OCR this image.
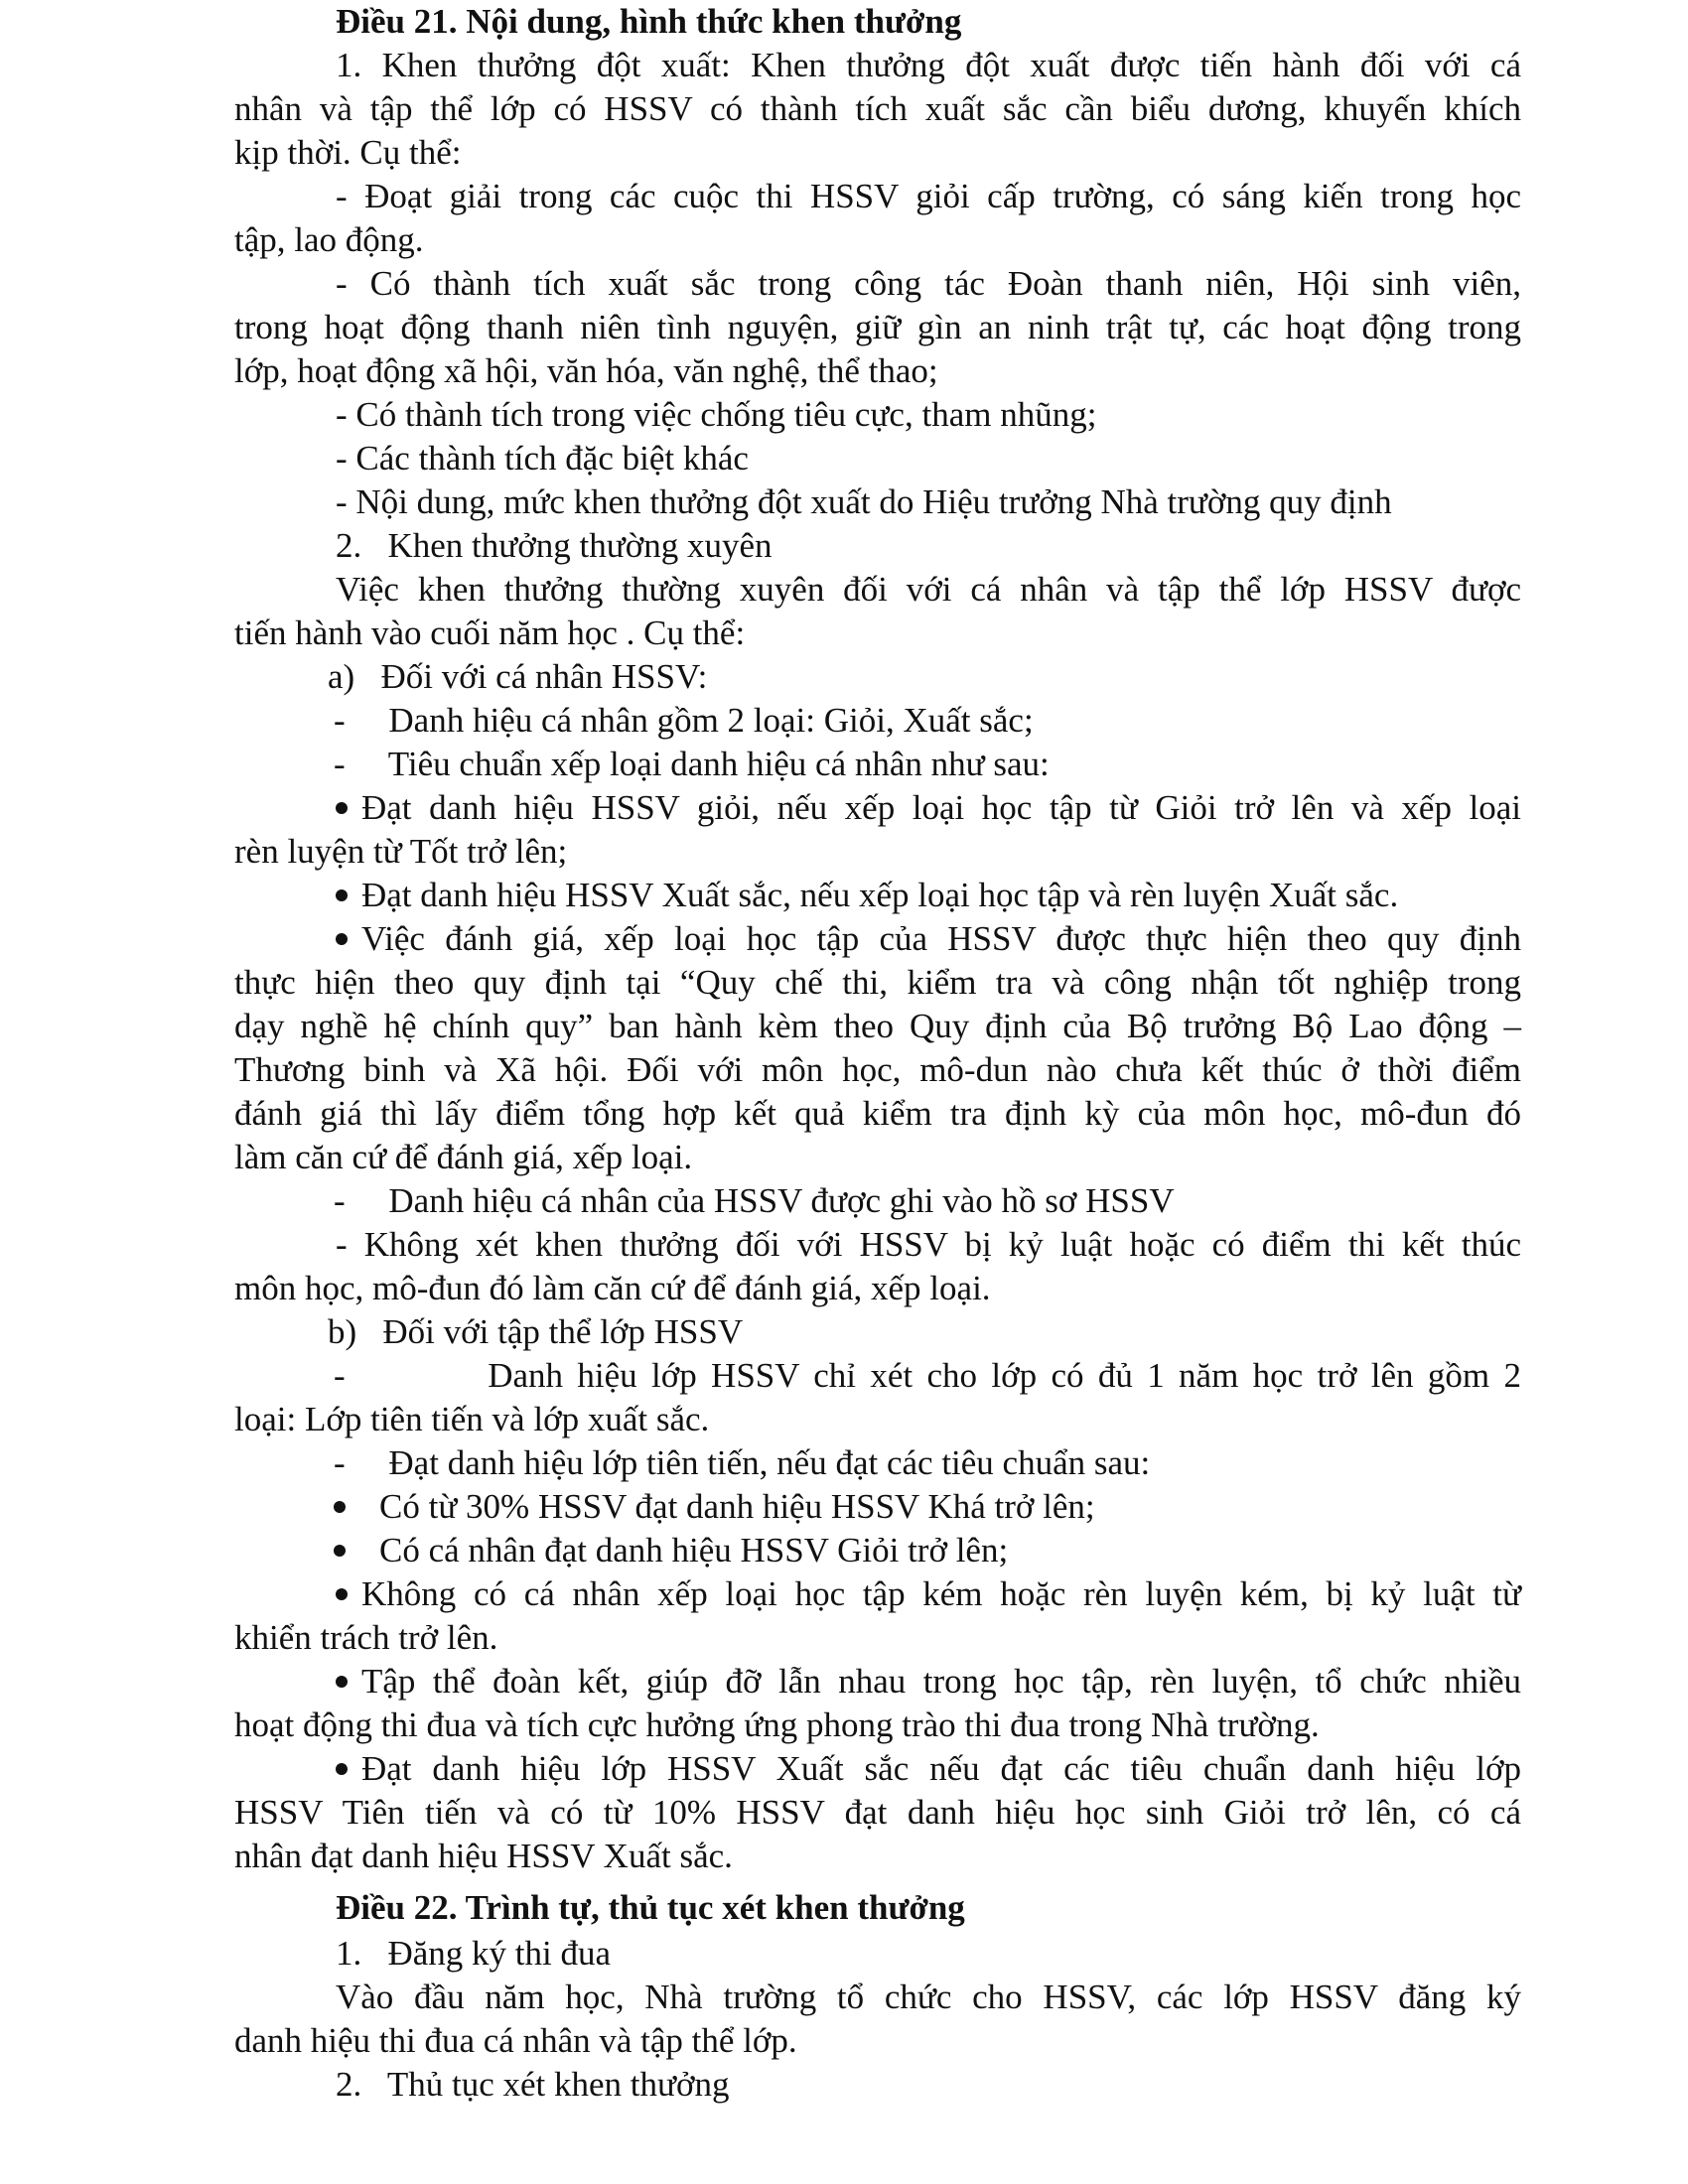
Điều 21. Nội dung, hình thức khen thưởng
1. Khen thưởng đột xuất: Khen thưởng đột xuất được tiến hành đối với cá
nhân và tập thể lớp có HSSV có thành tích xuất sắc cần biểu dương, khuyến khích
kịp thời. Cụ thể:
- Đoạt giải trong các cuộc thi HSSV giỏi cấp trường, có sáng kiến trong học
tập, lao động.
- Có thành tích xuất sắc trong công tác Đoàn thanh niên, Hội sinh viên,
trong hoạt động thanh niên tình nguyện, giữ gìn an ninh trật tự, các hoạt động trong
lớp, hoạt động xã hội, văn hóa, văn nghệ, thể thao;
- Có thành tích trong việc chống tiêu cực, tham nhũng;
- Các thành tích đặc biệt khác
- Nội dung, mức khen thưởng đột xuất do Hiệu trưởng Nhà trường quy định
2.   Khen thưởng thường xuyên
Việc khen thưởng thường xuyên đối với cá nhân và tập thể lớp HSSV được
tiến hành vào cuối năm học . Cụ thể:
a)   Đối với cá nhân HSSV:
-     Danh hiệu cá nhân gồm 2 loại: Giỏi, Xuất sắc;
-     Tiêu chuẩn xếp loại danh hiệu cá nhân như sau:
Đạt danh hiệu HSSV giỏi, nếu xếp loại học tập từ Giỏi trở lên và xếp loại
rèn luyện từ Tốt trở lên;
Đạt danh hiệu HSSV Xuất sắc, nếu xếp loại học tập và rèn luyện Xuất sắc.
Việc đánh giá, xếp loại học tập của HSSV được thực hiện theo quy định
thực hiện theo quy định tại “Quy chế thi, kiểm tra và công nhận tốt nghiệp trong
dạy nghề hệ chính quy” ban hành kèm theo Quy định của Bộ trưởng Bộ Lao động –
Thương binh và Xã hội. Đối với môn học, mô-dun nào chưa kết thúc ở thời điểm
đánh giá thì lấy điểm tổng hợp kết quả kiểm tra định kỳ của môn học, mô-đun đó
làm căn cứ để đánh giá, xếp loại.
-     Danh hiệu cá nhân của HSSV được ghi vào hồ sơ HSSV
- Không xét khen thưởng đối với HSSV bị kỷ luật hoặc có điểm thi kết thúc
môn học, mô-đun đó làm căn cứ để đánh giá, xếp loại.
b)   Đối với tập thể lớp HSSV
-          Danh hiệu lớp HSSV chỉ xét cho lớp có đủ 1 năm học trở lên gồm 2
loại: Lớp tiên tiến và lớp xuất sắc.
-     Đạt danh hiệu lớp tiên tiến, nếu đạt các tiêu chuẩn sau:
Có từ 30% HSSV đạt danh hiệu HSSV Khá trở lên;
Có cá nhân đạt danh hiệu HSSV Giỏi trở lên;
Không có cá nhân xếp loại học tập kém hoặc rèn luyện kém, bị kỷ luật từ
khiển trách trở lên.
Tập thể đoàn kết, giúp đỡ lẫn nhau trong học tập, rèn luyện, tổ chức nhiều
hoạt động thi đua và tích cực hưởng ứng phong trào thi đua trong Nhà trường.
Đạt danh hiệu lớp HSSV Xuất sắc nếu đạt các tiêu chuẩn danh hiệu lớp
HSSV Tiên tiến và có từ 10% HSSV đạt danh hiệu học sinh Giỏi trở lên, có cá
nhân đạt danh hiệu HSSV Xuất sắc.
Điều 22. Trình tự, thủ tục xét khen thưởng
1.   Đăng ký thi đua
Vào đầu năm học, Nhà trường tổ chức cho HSSV, các lớp HSSV đăng ký
danh hiệu thi đua cá nhân và tập thể lớp.
2.   Thủ tục xét khen thưởng
